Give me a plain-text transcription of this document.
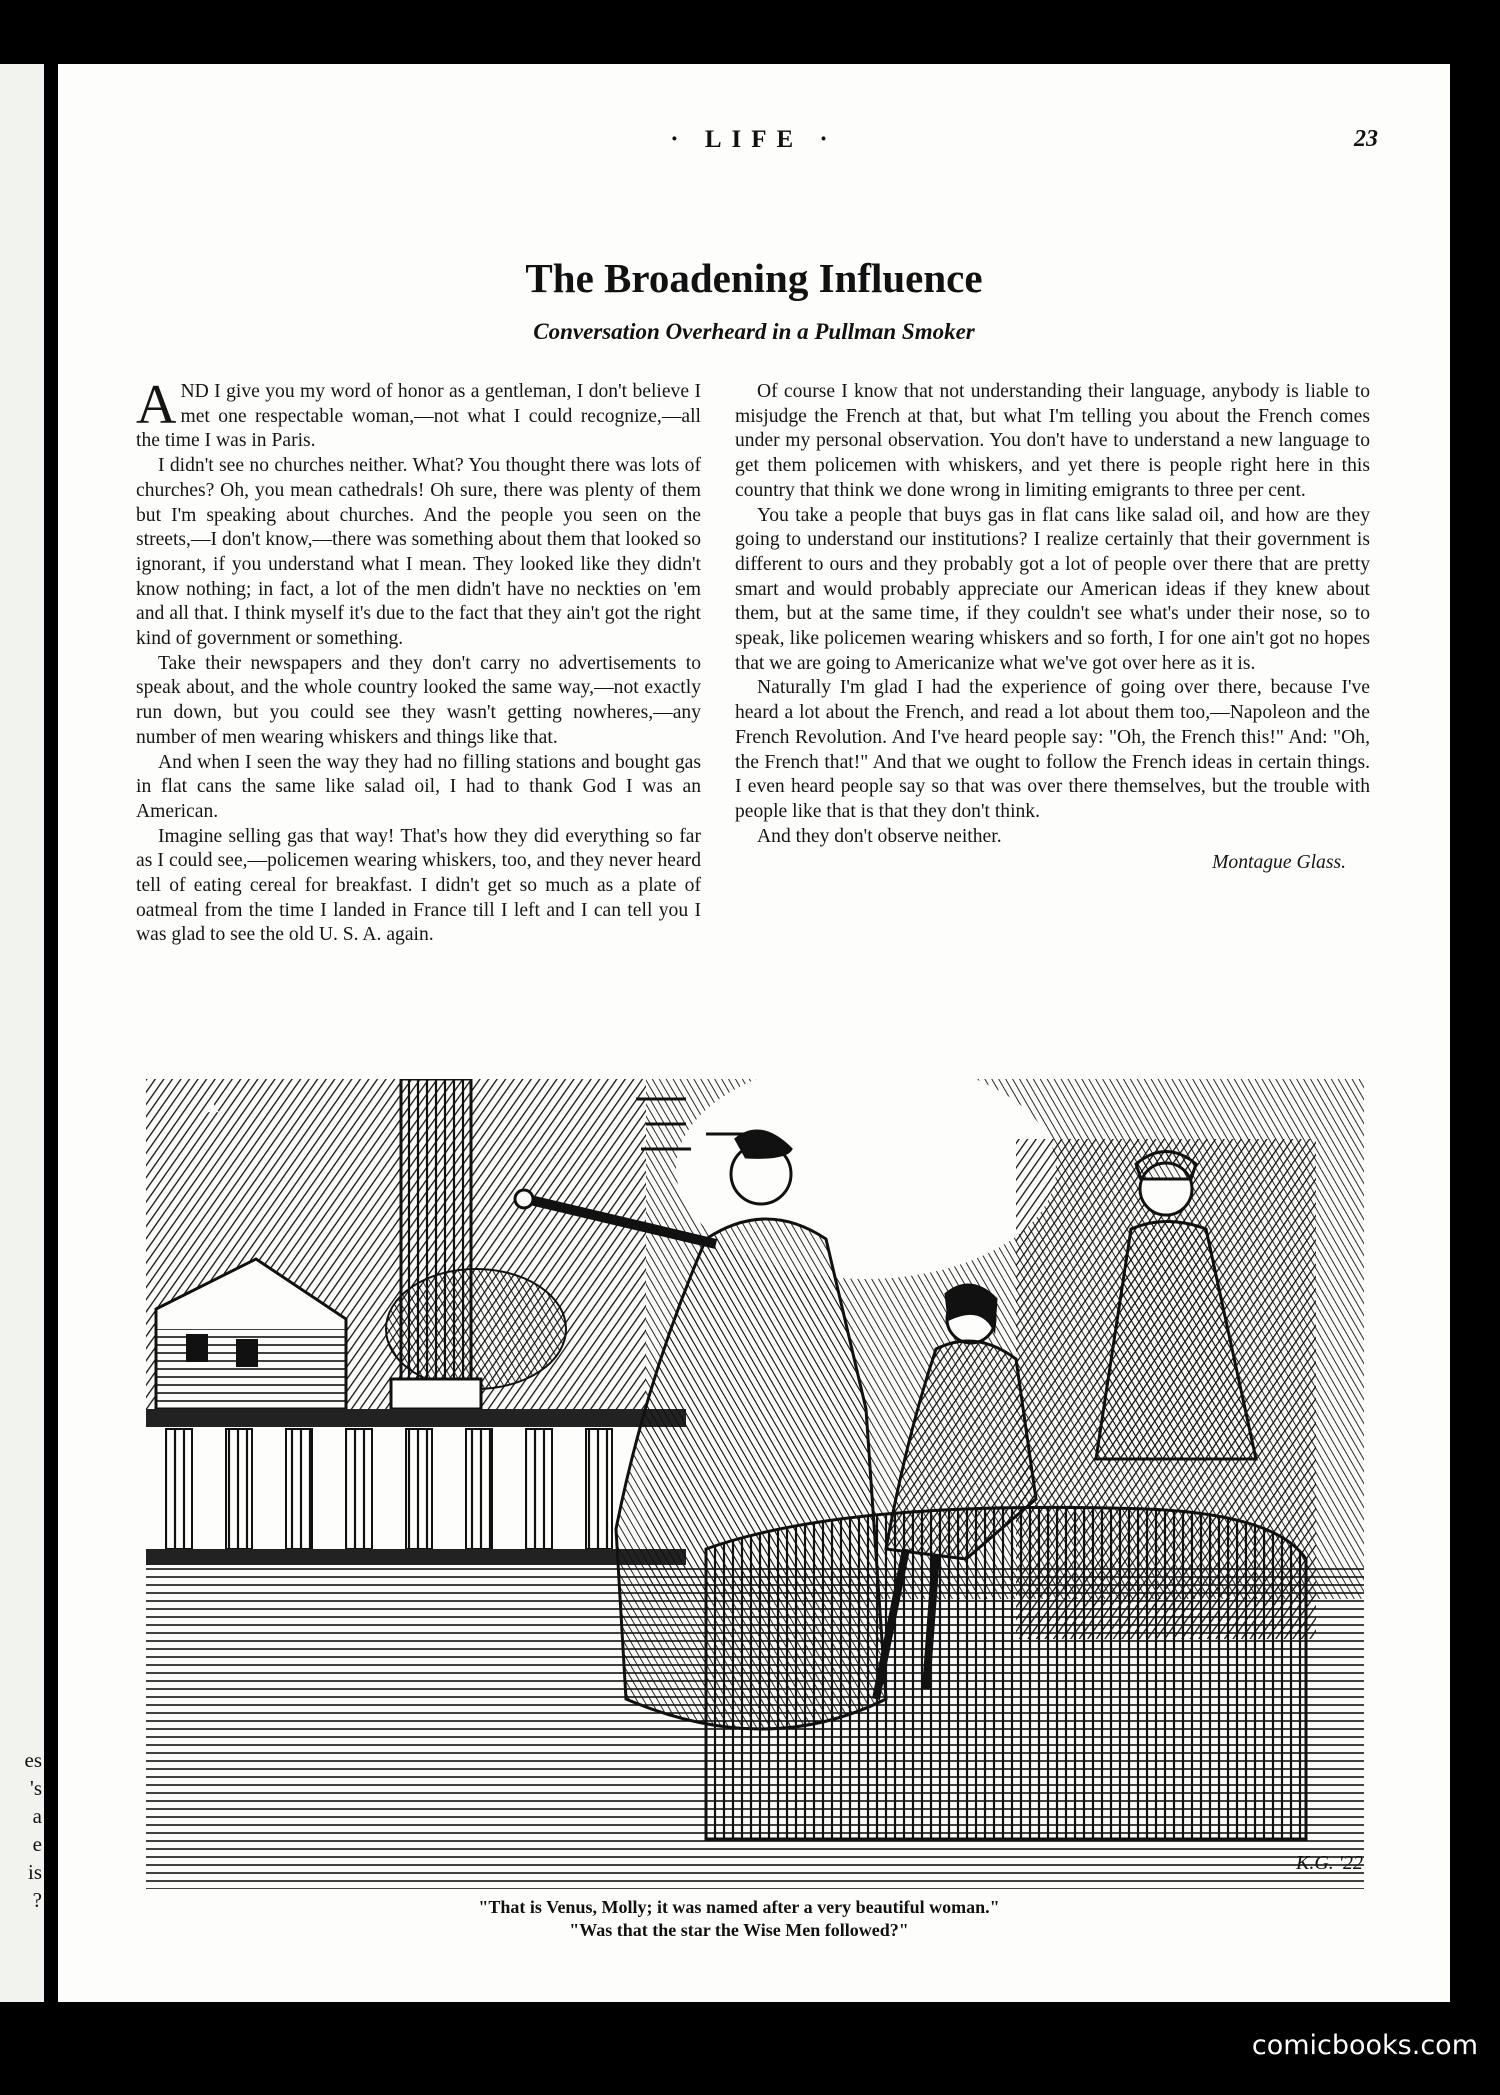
es
's
a
e
is
?
· LIFE ·	23
The Broadening Influence
Conversation Overheard in a Pullman Smoker

AND I give you my word of honor as a gentleman, I don't believe I met one respectable woman,—not what I could recognize,—all the time I was in Paris.

I didn't see no churches neither. What? You thought there was lots of churches? Oh, you mean cathedrals! Oh sure, there was plenty of them but I'm speaking about churches. And the people you seen on the streets,—I don't know,—there was something about them that looked so ignorant, if you understand what I mean. They looked like they didn't know nothing; in fact, a lot of the men didn't have no neckties on 'em and all that. I think myself it's due to the fact that they ain't got the right kind of government or something.

Take their newspapers and they don't carry no advertisements to speak about, and the whole country looked the same way,—not exactly run down, but you could see they wasn't getting nowheres,—any number of men wearing whiskers and things like that.

And when I seen the way they had no filling stations and bought gas in flat cans the same like salad oil, I had to thank God I was an American.

Imagine selling gas that way! That's how they did everything so far as I could see,—policemen wearing whiskers, too, and they never heard tell of eating cereal for breakfast. I didn't get so much as a plate of oatmeal from the time I landed in France till I left and I can tell you I was glad to see the old U. S. A. again.

Of course I know that not understanding their language, anybody is liable to misjudge the French at that, but what I'm telling you about the French comes under my personal observation. You don't have to understand a new language to get them policemen with whiskers, and yet there is people right here in this country that think we done wrong in limiting emigrants to three per cent.

You take a people that buys gas in flat cans like salad oil, and how are they going to understand our institutions? I realize certainly that their government is different to ours and they probably got a lot of people over there that are pretty smart and would probably appreciate our American ideas if they knew about them, but at the same time, if they couldn't see what's under their nose, so to speak, like policemen wearing whiskers and so forth, I for one ain't got no hopes that we are going to Americanize what we've got over here as it is.

Naturally I'm glad I had the experience of going over there, because I've heard a lot about the French, and read a lot about them too,—Napoleon and the French Revolution. And I've heard people say: "Oh, the French this!" And: "Oh, the French that!" And that we ought to follow the French ideas in certain things. I even heard people say so that was over there themselves, but the trouble with people like that is that they don't think.

And they don't observe neither.

Montague Glass.
✶
K.G. '22
"That is Venus, Molly; it was named after a very beautiful woman."
"Was that the star the Wise Men followed?"
comicbooks.com
